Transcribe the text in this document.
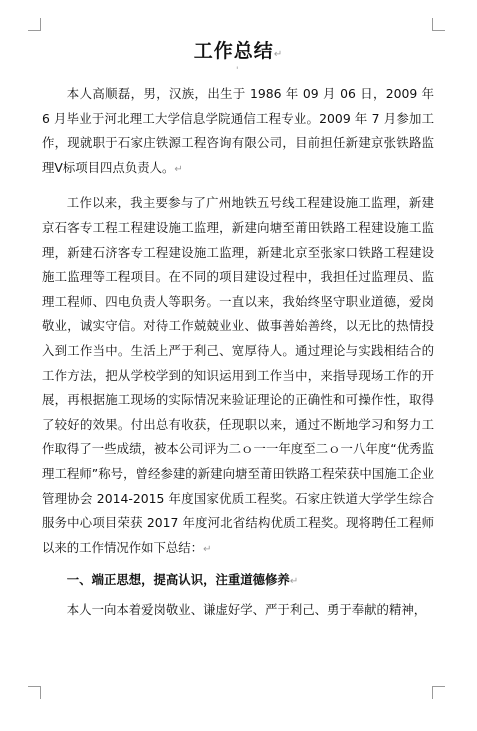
工作总结↵
'

本人高顺磊，男，汉族，出生于 1986 年 09 月 06 日，2009 年 6 月毕业于河北理工大学信息学院通信工程专业。2009 年 7 月参加工作，现就职于石家庄铁源工程咨询有限公司，目前担任新建京张铁路监理Ⅴ标项目四点负责人。↵

工作以来，我主要参与了广州地铁五号线工程建设施工监理，新建京石客专工程工程建设施工监理，新建向塘至莆田铁路工程建设施工监理，新建石济客专工程建设施工监理，新建北京至张家口铁路工程建设施工监理等工程项目。在不同的项目建设过程中，我担任过监理员、监理工程师、四电负责人等职务。一直以来，我始终坚守职业道德，爱岗敬业，诚实守信。对待工作兢兢业业、做事善始善终，以无比的热情投入到工作当中。生活上严于利己、宽厚待人。通过理论与实践相结合的工作方法，把从学校学到的知识运用到工作当中，来指导现场工作的开展，再根据施工现场的实际情况来验证理论的正确性和可操作性，取得了较好的效果。付出总有收获，任现职以来，通过不断地学习和努力工作取得了一些成绩，被本公司评为二ｏ一一年度至二ｏ一八年度“优秀监理工程师”称号，曾经参建的新建向塘至莆田铁路工程荣获中国施工企业管理协会 2014-2015 年度国家优质工程奖。石家庄铁道大学学生综合服务中心项目荣获 2017 年度河北省结构优质工程奖。现将聘任工程师以来的工作情况作如下总结：↵

一、端正思想，提高认识，注重道德修养↵

本人一向本着爱岗敬业、谦虚好学、严于利己、勇于奉献的精神，
